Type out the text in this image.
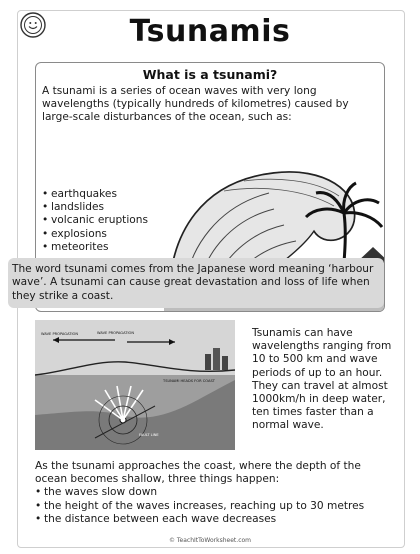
Tsunamis
What is a tsunami?
A tsunami is a series of ocean waves with very long wavelengths (typically hundreds of kilometres) caused by large-scale disturbances of the ocean, such as:
• earthquakes
• landslides
• volcanic eruptions
• explosions
• meteorites
The word tsunami comes from the Japanese word meaning ‘harbour wave’. A tsunami can cause great devastation and loss of life when they strike a coast.
WAVE PROPAGATION	WAVE PROPAGATION
TSUNAMI HEADS FOR COAST
FAULT LINE
Tsunamis can have wavelengths ranging from 10 to 500 km and wave periods of up to an hour. They can travel at almost 1000km/h in deep water, ten times faster than a normal wave.
As the tsunami approaches the coast, where the depth of the ocean becomes shallow, three things happen:
• the waves slow down
• the height of the waves increases, reaching up to 30 metres
• the distance between each wave decreases
© TeachItToWorksheet.com
